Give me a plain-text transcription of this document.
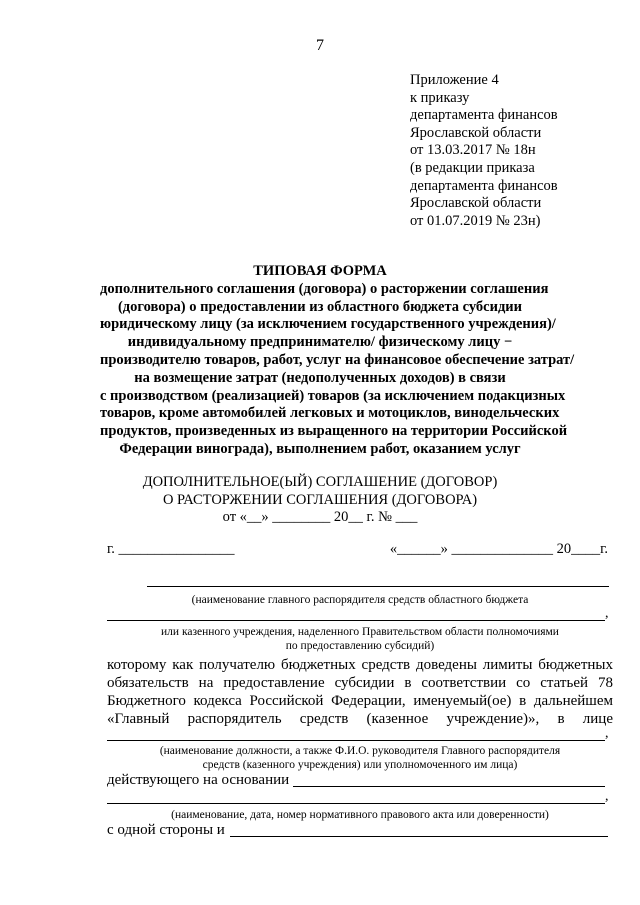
7
Приложение 4
к приказу
департамента финансов
Ярославской области
от 13.03.2017 № 18н
(в редакции приказа
департамента финансов
Ярославской области
от 01.07.2019 № 23н)
ТИПОВАЯ ФОРМА
дополнительного соглашения (договора) о расторжении соглашения
(договора) о предоставлении из областного бюджета субсидии
юридическому лицу (за исключением государственного учреждения)/
индивидуальному предпринимателю/ физическому лицу −
производителю товаров, работ, услуг на финансовое обеспечение затрат/
на возмещение затрат (недополученных доходов) в связи
с производством (реализацией) товаров (за исключением подакцизных
товаров, кроме автомобилей легковых и мотоциклов, винодельческих
продуктов, произведенных из выращенного на территории Российской
Федерации винограда), выполнением работ, оказанием услуг
ДОПОЛНИТЕЛЬНОЕ(ЫЙ) СОГЛАШЕНИЕ (ДОГОВОР)
О РАСТОРЖЕНИИ СОГЛАШЕНИЯ (ДОГОВОРА)
от «__» ________ 20__ г. № ___
г. ________________	«______» ______________ 20____г.
(наименование главного распорядителя средств областного бюджета
,
или казенного учреждения, наделенного Правительством области полномочиями
по предоставлению субсидий)
которому как получателю бюджетных средств доведены лимиты бюджетных
обязательств на предоставление субсидии в соответствии со статьей 78
Бюджетного кодекса Российской Федерации, именуемый(ое) в дальнейшем
«Главный распорядитель средств (казенное учреждение)», в лице
,
(наименование должности, а также Ф.И.О. руководителя Главного распорядителя
средств (казенного учреждения) или уполномоченного им лица)
действующего на основании
,
(наименование, дата, номер нормативного правового акта или доверенности)
с одной стороны и
